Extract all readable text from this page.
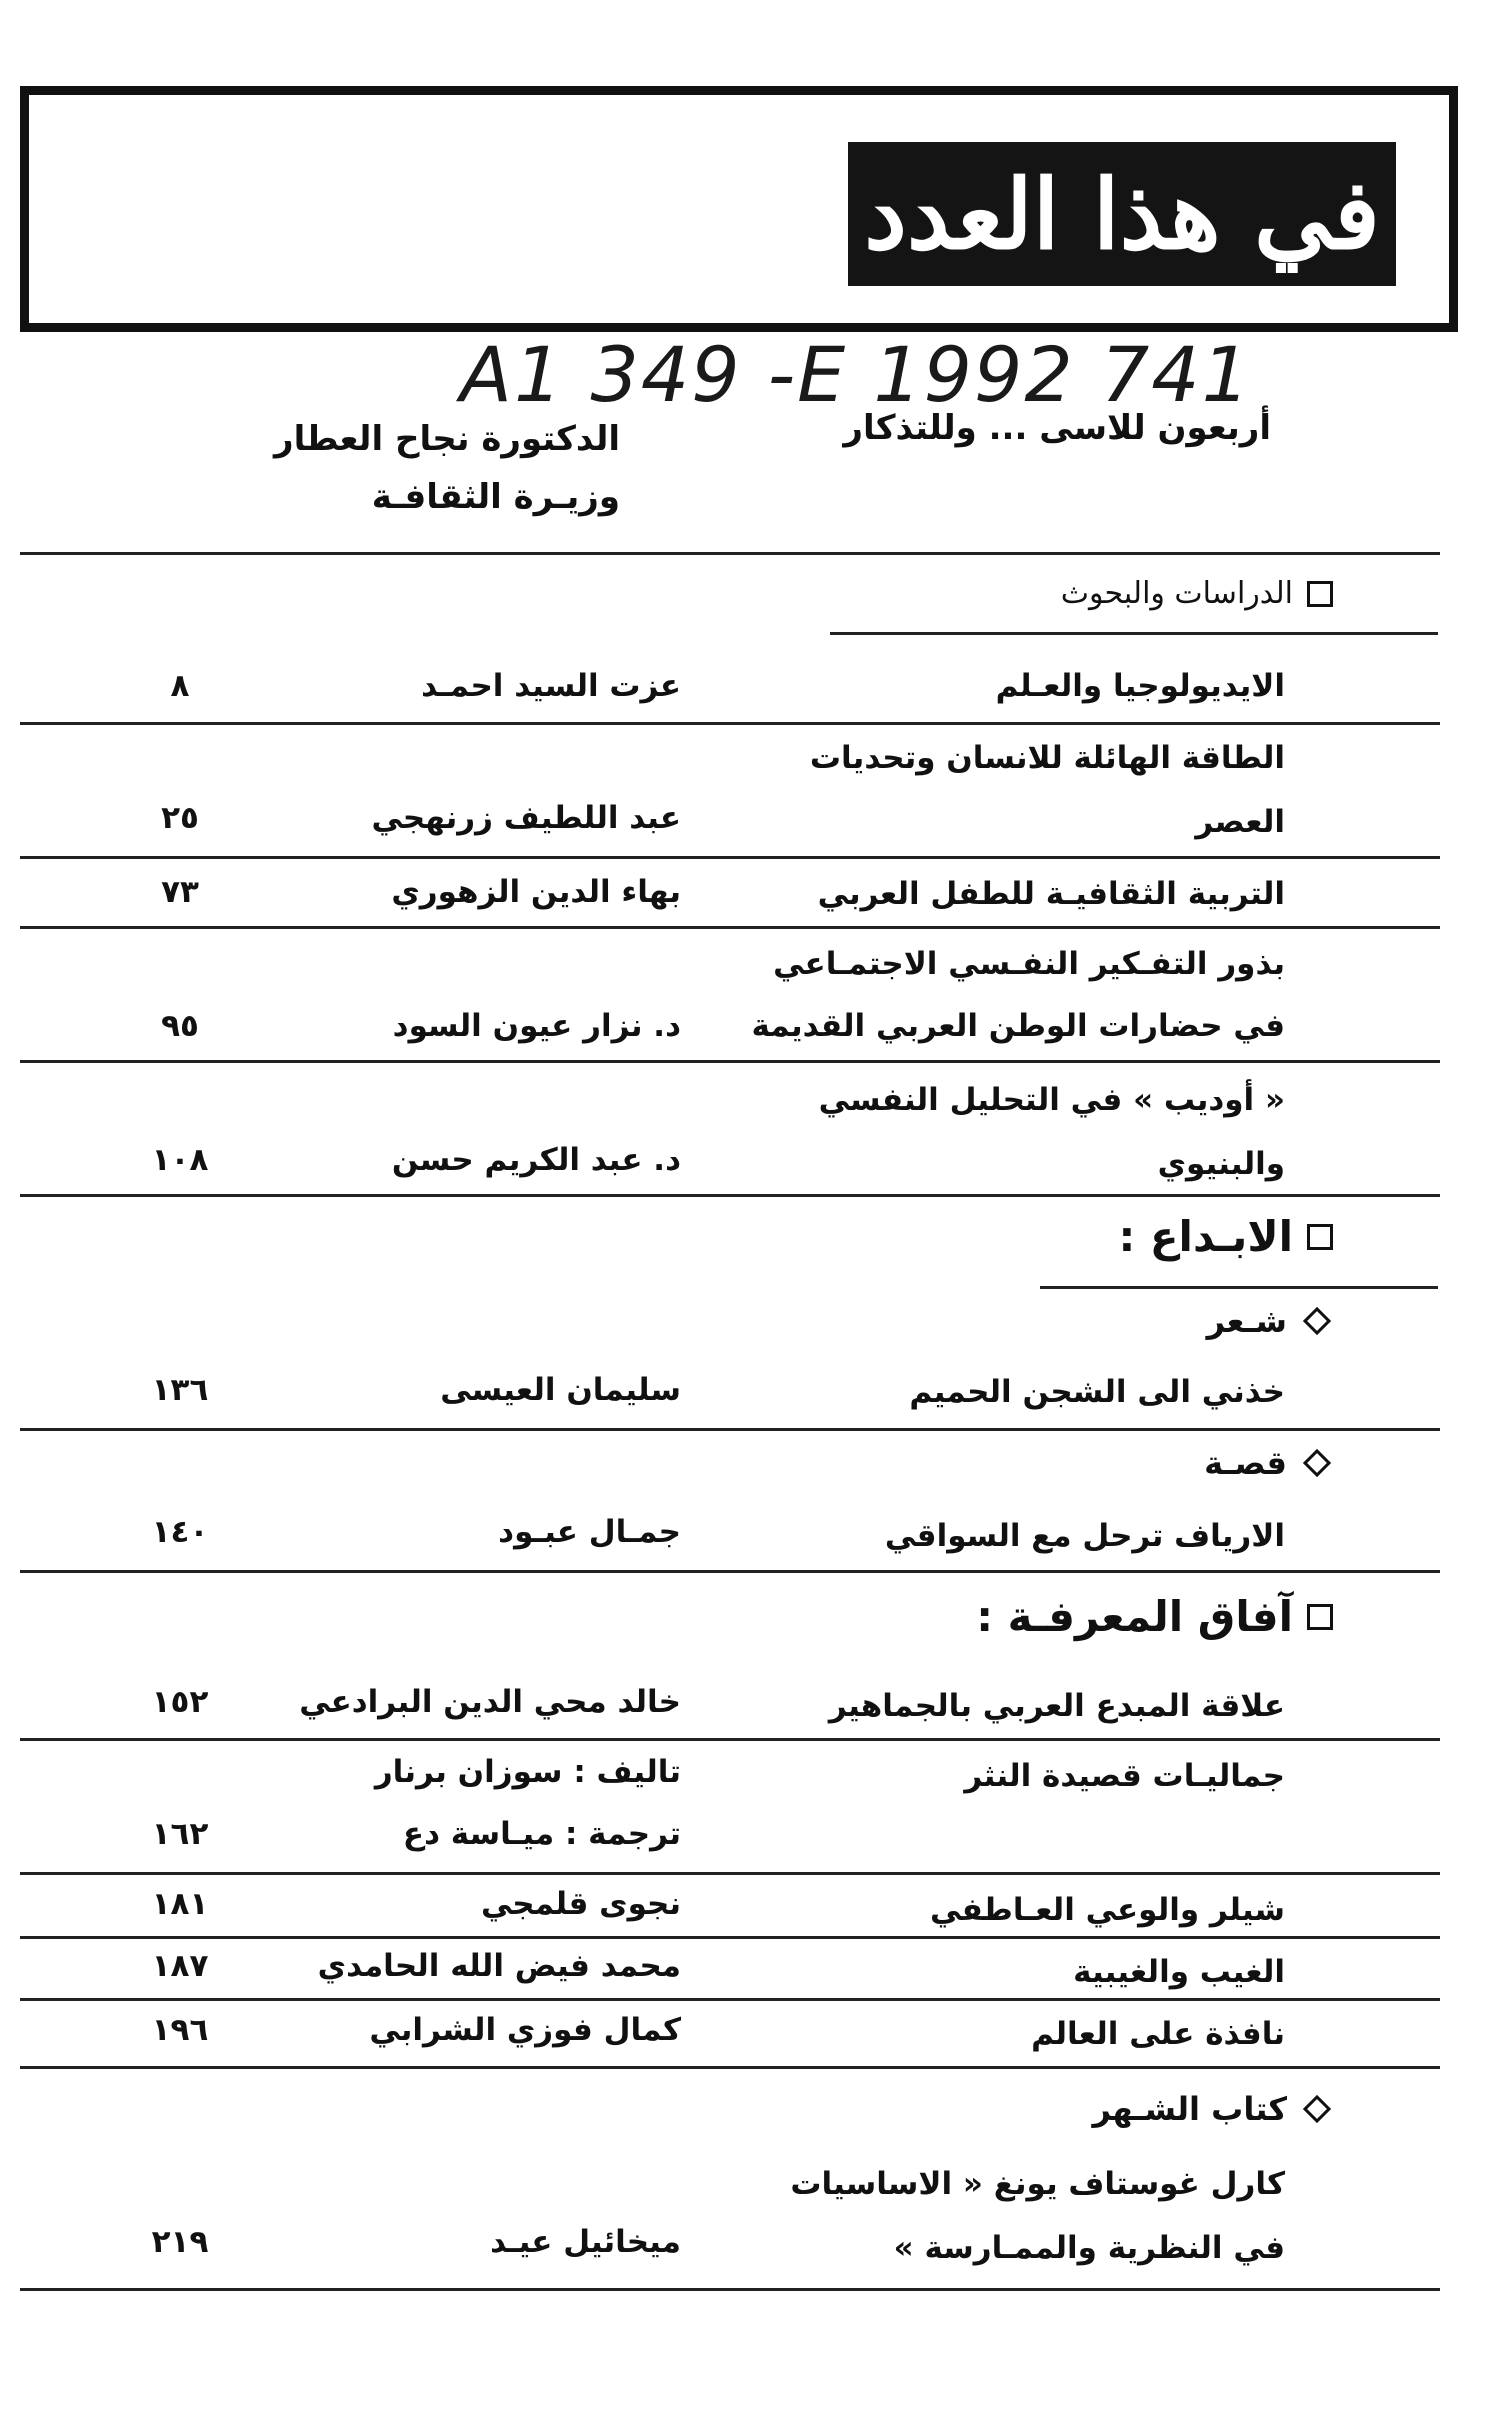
في هذا العدد
A1 349 -E 1992 741
أربعون للاسى ... وللتذكار
الدكتورة نجاح العطار
وزيـرة الثقافـة
الدراسات والبحوث
الايديولوجيا والعـلم
عزت السيد احمـد
٨
الطاقة الهائلة للانسان وتحديات
العصر
عبد اللطيف زرنهجي
٢٥
التربية الثقافيـة للطفل العربي
بهاء الدين الزهوري
٧٣
بذور التفـكير النفـسي الاجتمـاعي
في حضارات الوطن العربي القديمة
د. نزار عيون السود
٩٥
« أوديب » في التحليل النفسي
والبنيوي
د. عبد الكريم حسن
١٠٨
الابـداع :
شـعر
خذني الى الشجن الحميم
سليمان العيسى
١٣٦
قصـة
الارياف ترحل مع السواقي
جمـال عبـود
١٤٠
آفاق المعرفـة :
علاقة المبدع العربي بالجماهير
خالد محي الدين البرادعي
١٥٢
جماليـات قصيدة النثر
تاليف : سوزان برنار
ترجمة : ميـاسة دع
١٦٢
شيلر والوعي العـاطفي
نجوى قلمجي
١٨١
الغيب والغيبية
محمد فيض الله الحامدي
١٨٧
نافذة على العالم
كمال فوزي الشرابي
١٩٦
كتاب الشـهر
كارل غوستاف يونغ « الاساسيات
في النظرية والممـارسة »
ميخائيل عيـد
٢١٩
